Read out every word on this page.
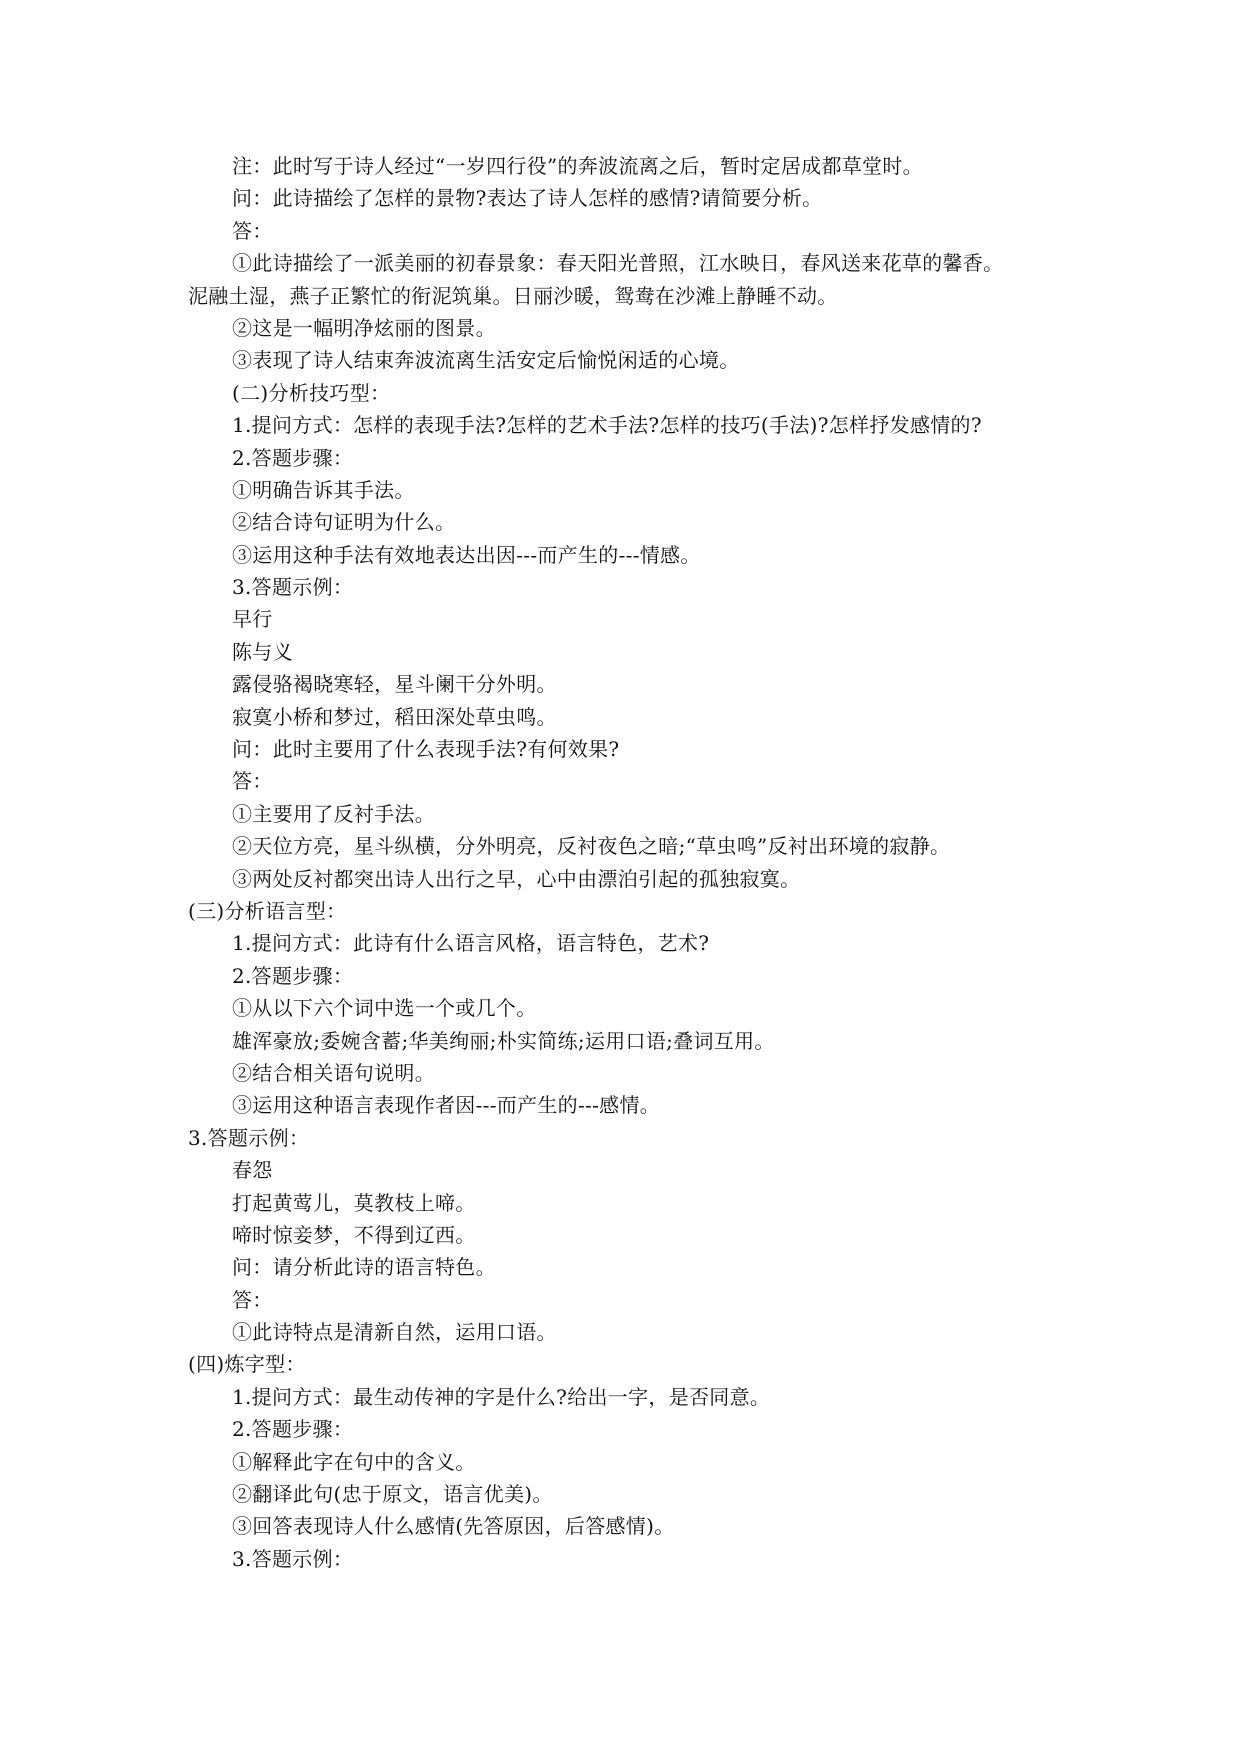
注：此时写于诗人经过“一岁四行役”的奔波流离之后，暂时定居成都草堂时。
问：此诗描绘了怎样的景物?表达了诗人怎样的感情?请简要分析。
答：
①此诗描绘了一派美丽的初春景象：春天阳光普照，江水映日，春风送来花草的馨香。
泥融土湿，燕子正繁忙的衔泥筑巢。日丽沙暖，鸳鸯在沙滩上静睡不动。
②这是一幅明净炫丽的图景。
③表现了诗人结束奔波流离生活安定后愉悦闲适的心境。
(二)分析技巧型：
1.提问方式：怎样的表现手法?怎样的艺术手法?怎样的技巧(手法)?怎样抒发感情的?
2.答题步骤：
①明确告诉其手法。
②结合诗句证明为什么。
③运用这种手法有效地表达出因---而产生的---情感。
3.答题示例：
早行
陈与义
露侵骆褐晓寒轻，星斗阑干分外明。
寂寞小桥和梦过，稻田深处草虫鸣。
问：此时主要用了什么表现手法?有何效果?
答：
①主要用了反衬手法。
②天位方亮，星斗纵横，分外明亮，反衬夜色之暗;“草虫鸣”反衬出环境的寂静。
③两处反衬都突出诗人出行之早，心中由漂泊引起的孤独寂寞。
(三)分析语言型：
1.提问方式：此诗有什么语言风格，语言特色，艺术?
2.答题步骤：
①从以下六个词中选一个或几个。
雄浑豪放;委婉含蓄;华美绚丽;朴实简练;运用口语;叠词互用。
②结合相关语句说明。
③运用这种语言表现作者因---而产生的---感情。
3.答题示例：
春怨
打起黄莺儿，莫教枝上啼。
啼时惊妾梦，不得到辽西。
问：请分析此诗的语言特色。
答：
①此诗特点是清新自然，运用口语。
(四)炼字型：
1.提问方式：最生动传神的字是什么?给出一字，是否同意。
2.答题步骤：
①解释此字在句中的含义。
②翻译此句(忠于原文，语言优美)。
③回答表现诗人什么感情(先答原因，后答感情)。
3.答题示例：
